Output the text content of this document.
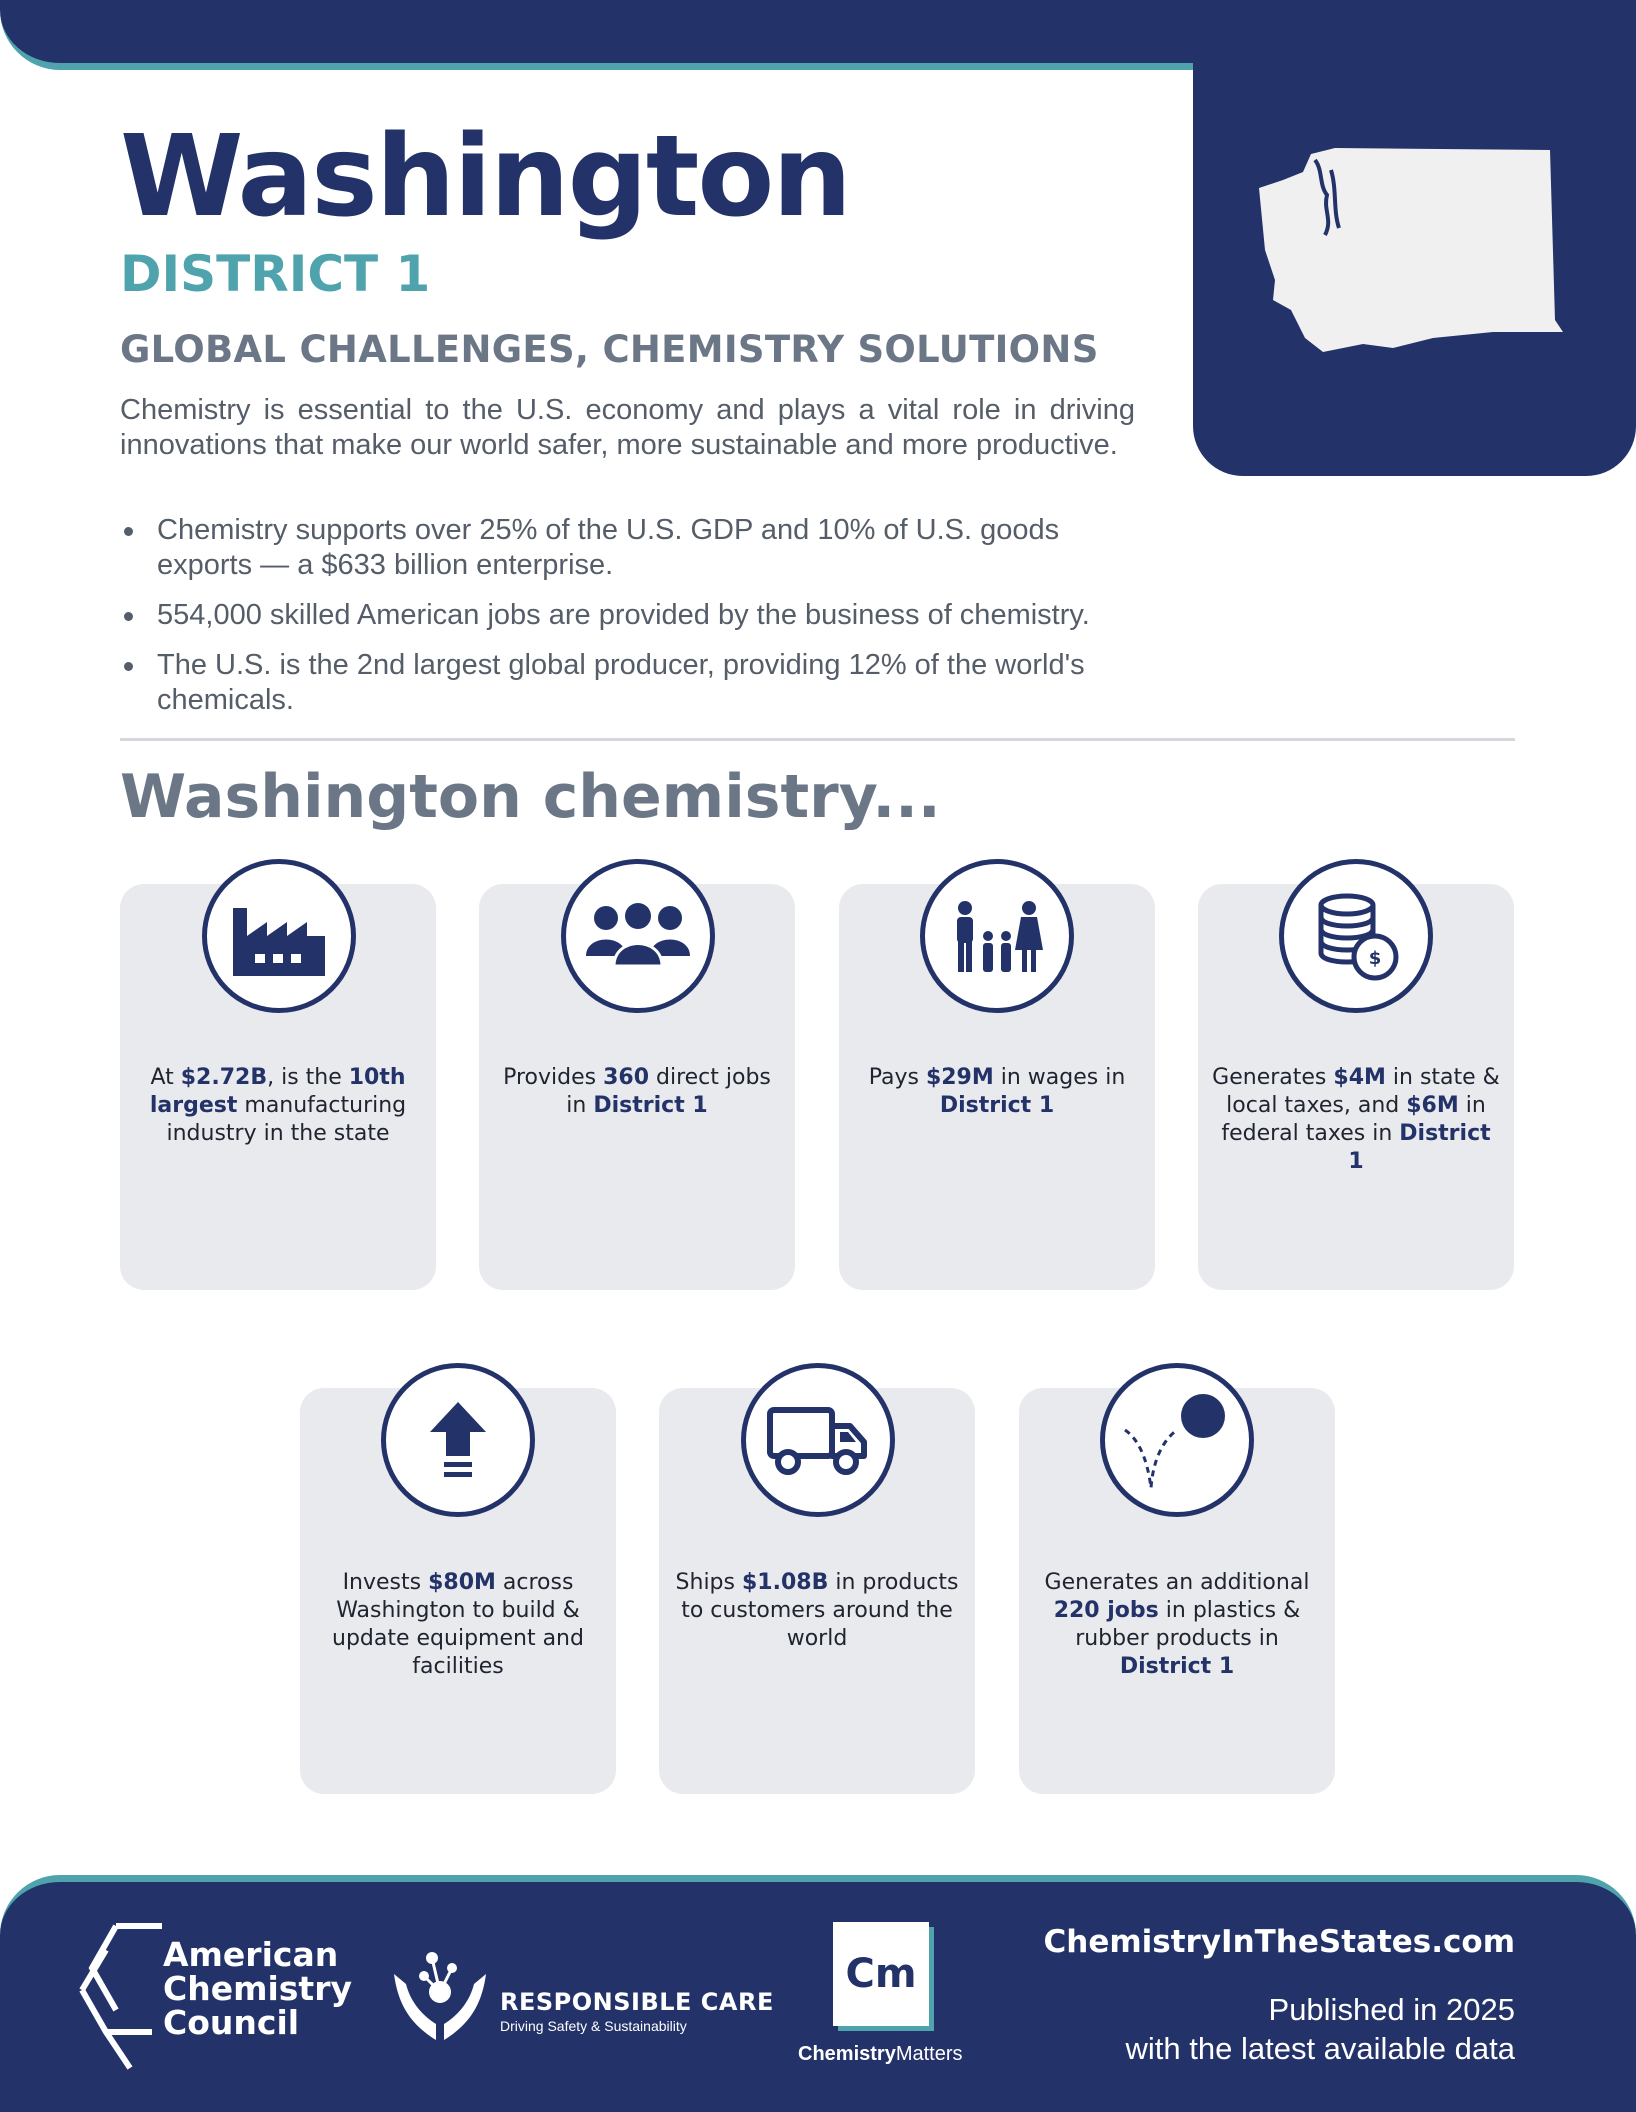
Washington
DISTRICT 1
GLOBAL CHALLENGES, CHEMISTRY SOLUTIONS
Chemistry is essential to the U.S. economy and plays a vital role in driving innovations that make our world safer, more sustainable and more productive.
Chemistry supports over 25% of the U.S. GDP and 10% of U.S. goods exports — a $633 billion enterprise.
554,000 skilled American jobs are provided by the business of chemistry.
The U.S. is the 2nd largest global producer, providing 12% of the world's chemicals.
Washington chemistry...
At $2.72B, is the 10th largest manufacturing industry in the state
Provides 360 direct jobs in District 1
Pays $29M in wages in District 1
$
Generates $4M in state & local taxes, and $6M in federal taxes in District 1
Invests $80M across Washington to build & update equipment and facilities
Ships $1.08B in products to customers around the world
Generates an additional 220 jobs in plastics & rubber products in District 1
American
Chemistry
Council
RESPONSIBLE CARE
Driving Safety & Sustainability
Cm
ChemistryMatters
ChemistryInTheStates.com
Published in 2025
with the latest available data
